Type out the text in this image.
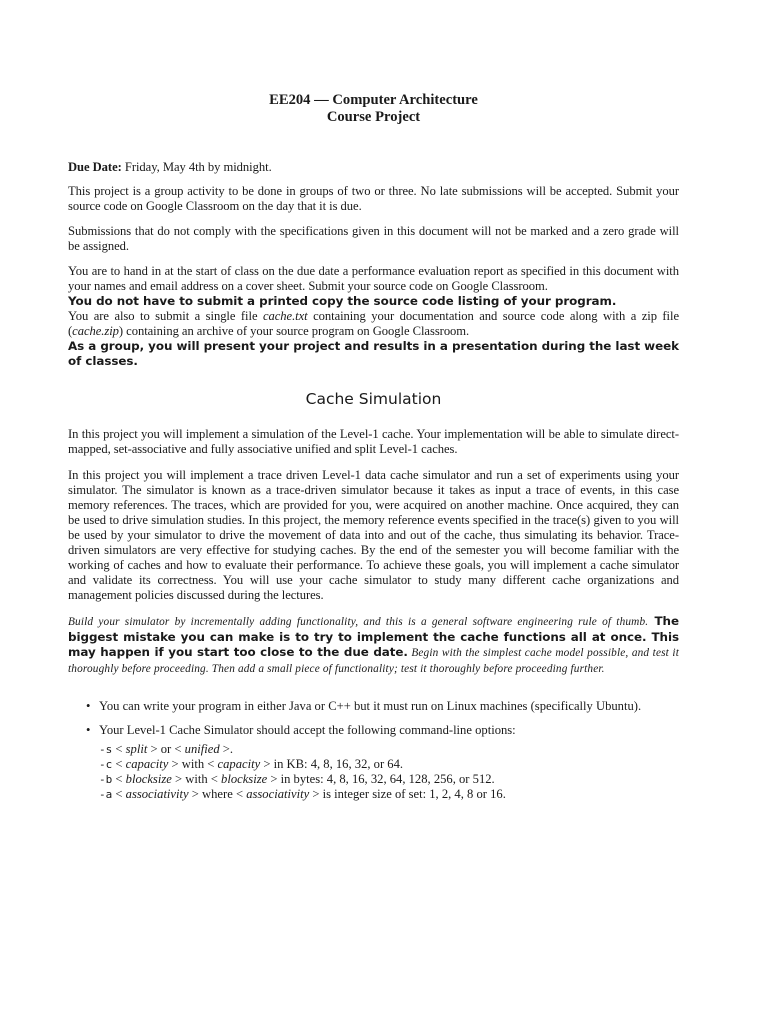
EE204 — Computer Architecture
Course Project

Due Date: Friday, May 4th by midnight.

This project is a group activity to be done in groups of two or three. No late submissions will be accepted. Submit your source code on Google Classroom on the day that it is due.

Submissions that do not comply with the specifications given in this document will not be marked and a zero grade will be assigned.

You are to hand in at the start of class on the due date a performance evaluation report as specified in this document with your names and email address on a cover sheet. Submit your source code on Google Classroom.
You do not have to submit a printed copy the source code listing of your program.
You are also to submit a single file cache.txt containing your documentation and source code along with a zip file (cache.zip) containing an archive of your source program on Google Classroom.
As a group, you will present your project and results in a presentation during the last week of classes.

Cache Simulation

In this project you will implement a simulation of the Level-1 cache. Your implementation will be able to simulate direct-mapped, set-associative and fully associative unified and split Level-1 caches.

In this project you will implement a trace driven Level-1 data cache simulator and run a set of experiments using your simulator. The simulator is known as a trace-driven simulator because it takes as input a trace of events, in this case memory references. The traces, which are provided for you, were acquired on another machine. Once acquired, they can be used to drive simulation studies. In this project, the memory reference events specified in the trace(s) given to you will be used by your simulator to drive the movement of data into and out of the cache, thus simulating its behavior. Trace-driven simulators are very effective for studying caches. By the end of the semester you will become familiar with the working of caches and how to evaluate their performance. To achieve these goals, you will implement a cache simulator and validate its correctness. You will use your cache simulator to study many different cache organizations and management policies discussed during the lectures.

Build your simulator by incrementally adding functionality, and this is a general software engineering rule of thumb. The biggest mistake you can make is to try to implement the cache functions all at once. This may happen if you start too close to the due date. Begin with the simplest cache model possible, and test it thoroughly before proceeding. Then add a small piece of functionality; test it thoroughly before proceeding further.

• You can write your program in either Java or C++ but it must run on Linux machines (specifically Ubuntu).
• Your Level-1 Cache Simulator should accept the following command-line options:
-s < split > or < unified >.
-c < capacity > with < capacity > in KB: 4, 8, 16, 32, or 64.
-b < blocksize > with < blocksize > in bytes: 4, 8, 16, 32, 64, 128, 256, or 512.
-a < associativity > where < associativity > is integer size of set: 1, 2, 4, 8 or 16.
